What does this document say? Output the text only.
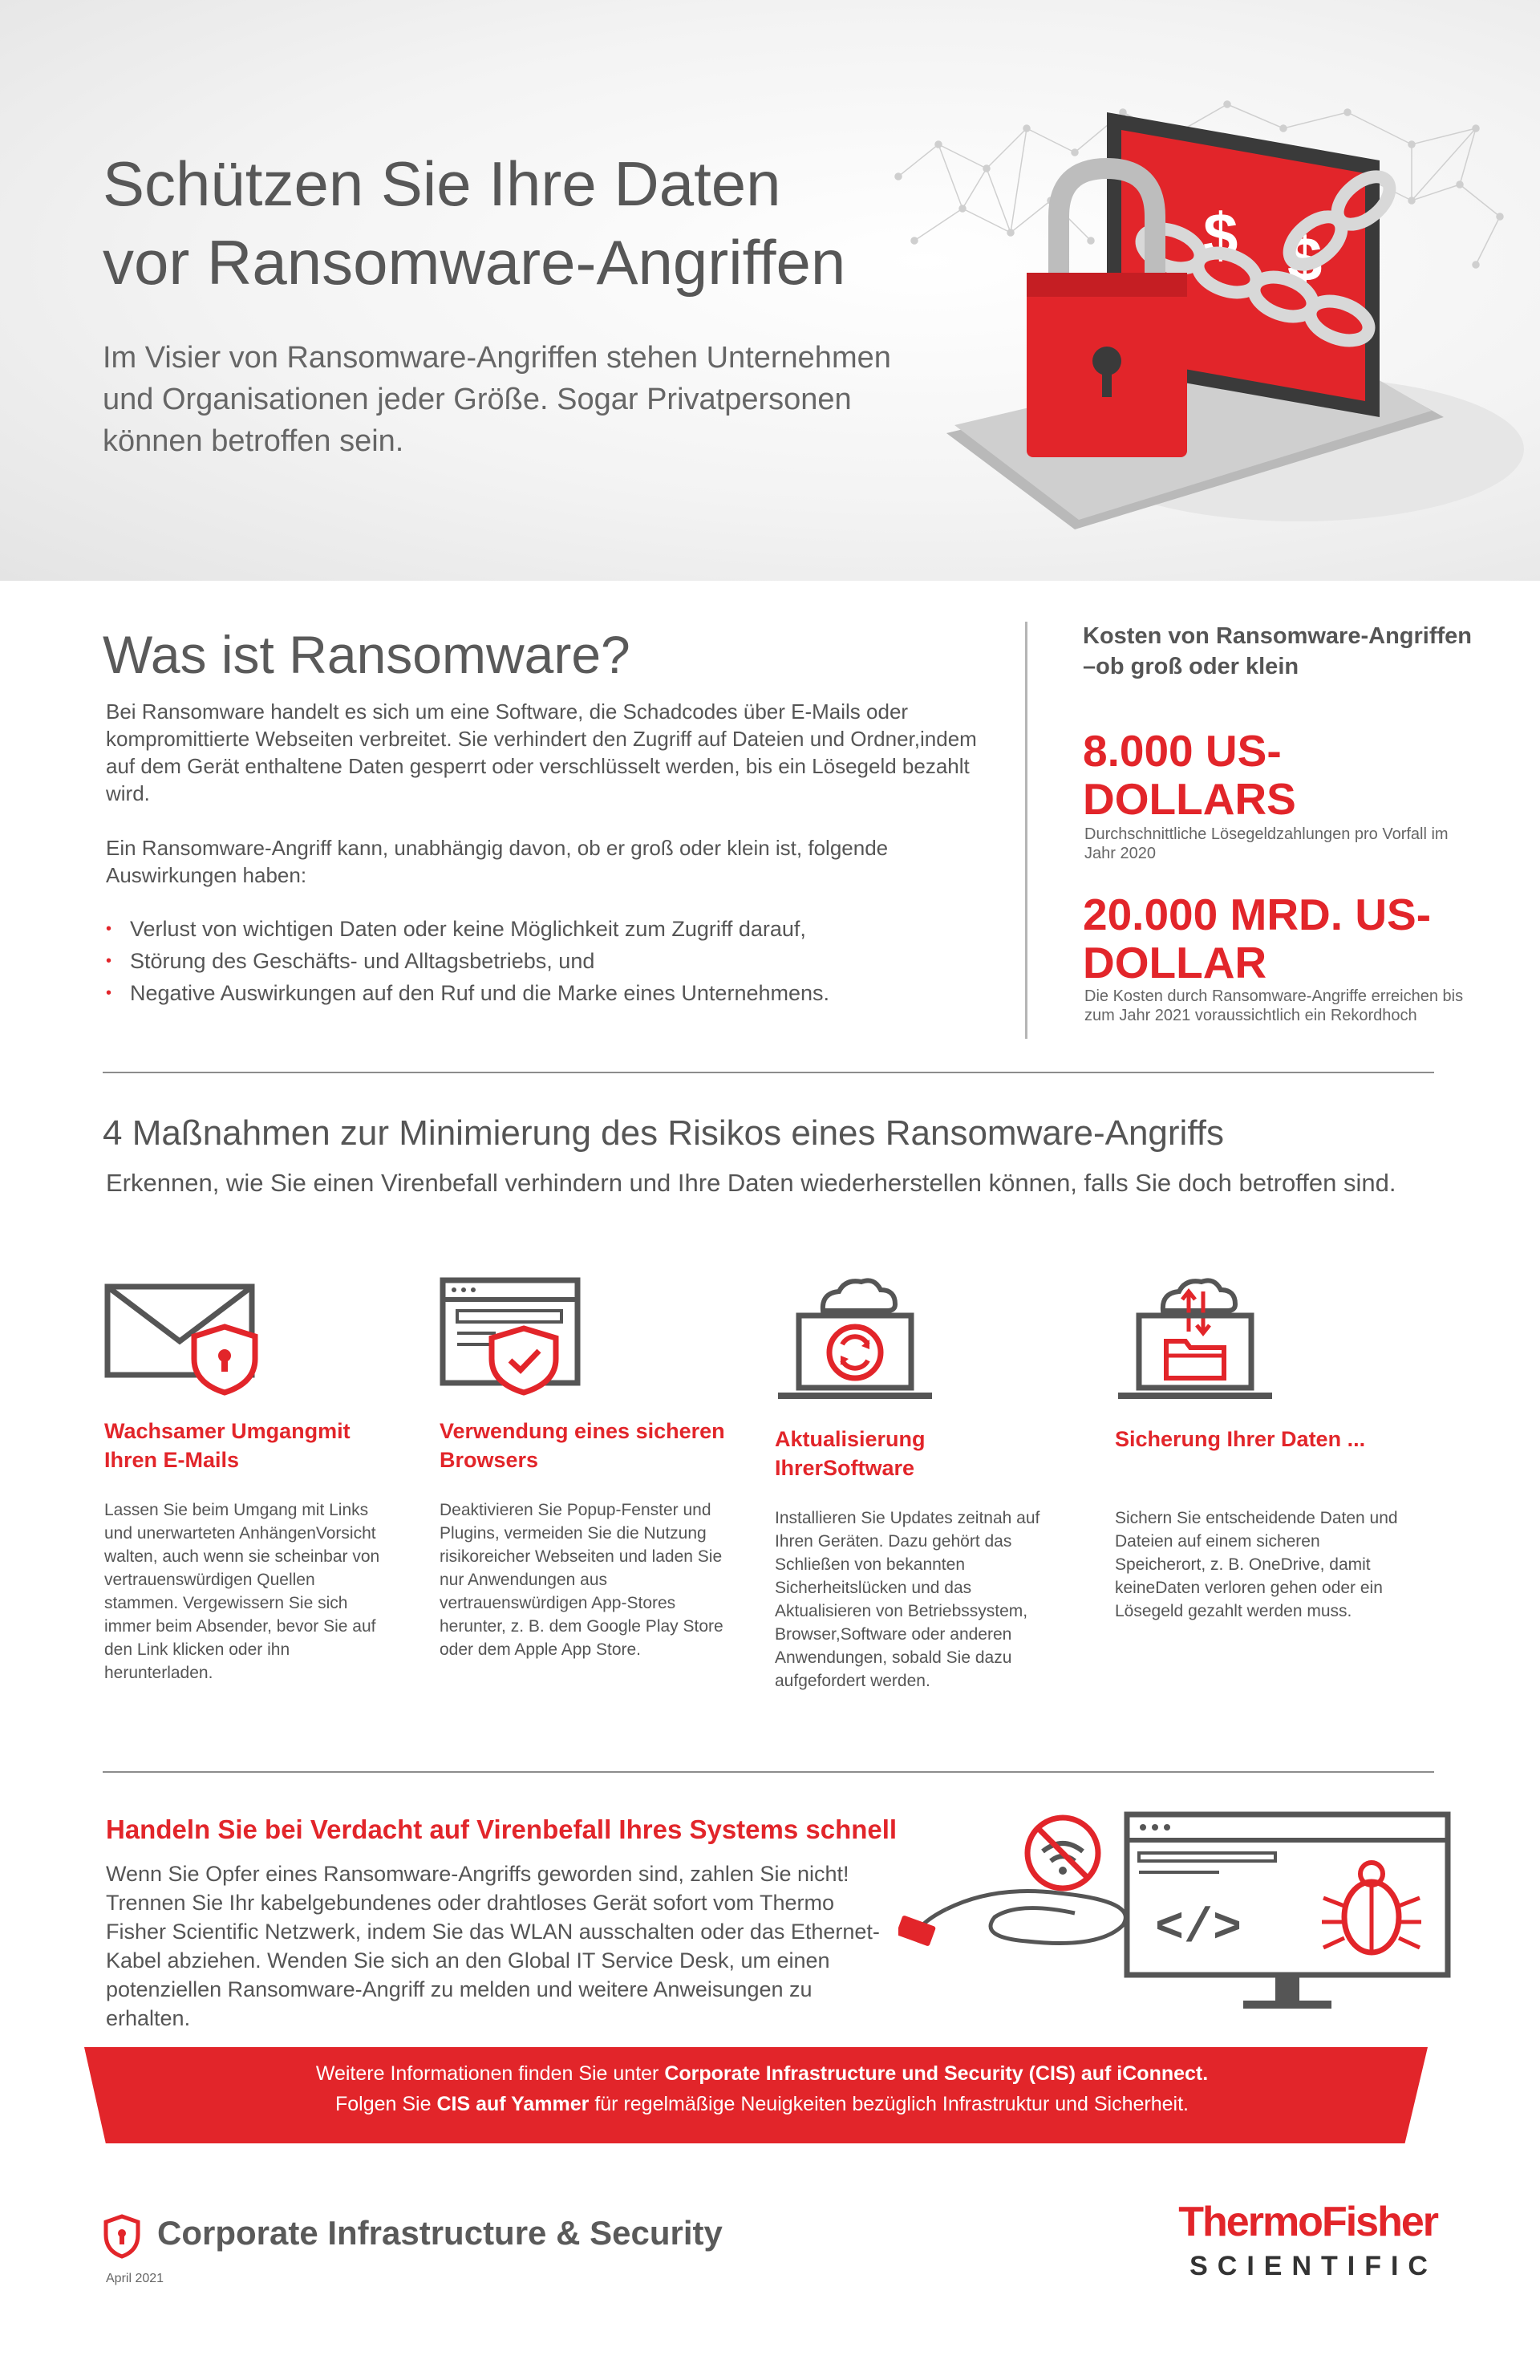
Schützen Sie Ihre Daten
vor Ransomware-Angriffen

Im Visier von Ransomware-Angriffen stehen Unternehmen und Organisationen jeder Größe. Sogar Privatpersonen können betroffen sein.

$ $
Was ist Ransomware?

Bei Ransomware handelt es sich um eine Software, die Schadcodes über E-Mails oder kompromittierte Webseiten verbreitet. Sie verhindert den Zugriff auf Dateien und Ordner,indem auf dem Gerät enthaltene Daten gesperrt oder verschlüsselt werden, bis ein Lösegeld bezahlt wird.

Ein Ransomware-Angriff kann, unabhängig davon, ob er groß oder klein ist, folgende Auswirkungen haben:

• Verlust von wichtigen Daten oder keine Möglichkeit zum Zugriff darauf,
• Störung des Geschäfts- und Alltagsbetriebs, und
• Negative Auswirkungen auf den Ruf und die Marke eines Unternehmens.
Kosten von Ransomware-Angriffen –ob groß oder klein
8.000 US-DOLLARS
Durchschnittliche Lösegeldzahlungen pro Vorfall im Jahr 2020
20.000 MRD. US-DOLLAR
Die Kosten durch Ransomware-Angriffe erreichen bis zum Jahr 2021 voraussichtlich ein Rekordhoch
4 Maßnahmen zur Minimierung des Risikos eines Ransomware-Angriffs

Erkennen, wie Sie einen Virenbefall verhindern und Ihre Daten wiederherstellen können, falls Sie doch betroffen sind.

Wachsamer Umgangmit Ihren E-Mails
Lassen Sie beim Umgang mit Links und unerwarteten AnhängenVorsicht walten, auch wenn sie scheinbar von vertrauenswürdigen Quellen stammen. Vergewissern Sie sich immer beim Absender, bevor Sie auf den Link klicken oder ihn herunterladen.
Verwendung eines sicheren Browsers
Deaktivieren Sie Popup-Fenster und Plugins, vermeiden Sie die Nutzung risikoreicher Webseiten und laden Sie nur Anwendungen aus vertrauenswürdigen App-Stores herunter, z. B. dem Google Play Store oder dem Apple App Store.
Aktualisierung IhrerSoftware
Installieren Sie Updates zeitnah auf Ihren Geräten. Dazu gehört das Schließen von bekannten Sicherheitslücken und das Aktualisieren von Betriebssystem, Browser,Software oder anderen Anwendungen, sobald Sie dazu aufgefordert werden.
Sicherung Ihrer Daten ...
Sichern Sie entscheidende Daten und Dateien auf einem sicheren Speicherort, z. B. OneDrive, damit keineDaten verloren gehen oder ein Lösegeld gezahlt werden muss.
Handeln Sie bei Verdacht auf Virenbefall Ihres Systems schnell

Wenn Sie Opfer eines Ransomware-Angriffs geworden sind, zahlen Sie nicht! Trennen Sie Ihr kabelgebundenes oder drahtloses Gerät sofort vom Thermo Fisher Scientific Netzwerk, indem Sie das WLAN ausschalten oder das Ethernet-Kabel abziehen. Wenden Sie sich an den Global IT Service Desk, um einen potenziellen Ransomware-Angriff zu melden und weitere Anweisungen zu erhalten.

</>
Weitere Informationen finden Sie unter Corporate Infrastructure und Security (CIS) auf iConnect.
Folgen Sie CIS auf Yammer für regelmäßige Neuigkeiten bezüglich Infrastruktur und Sicherheit.
Corporate Infrastructure & Security
April 2021
ThermoFisher
SCIENTIFIC
